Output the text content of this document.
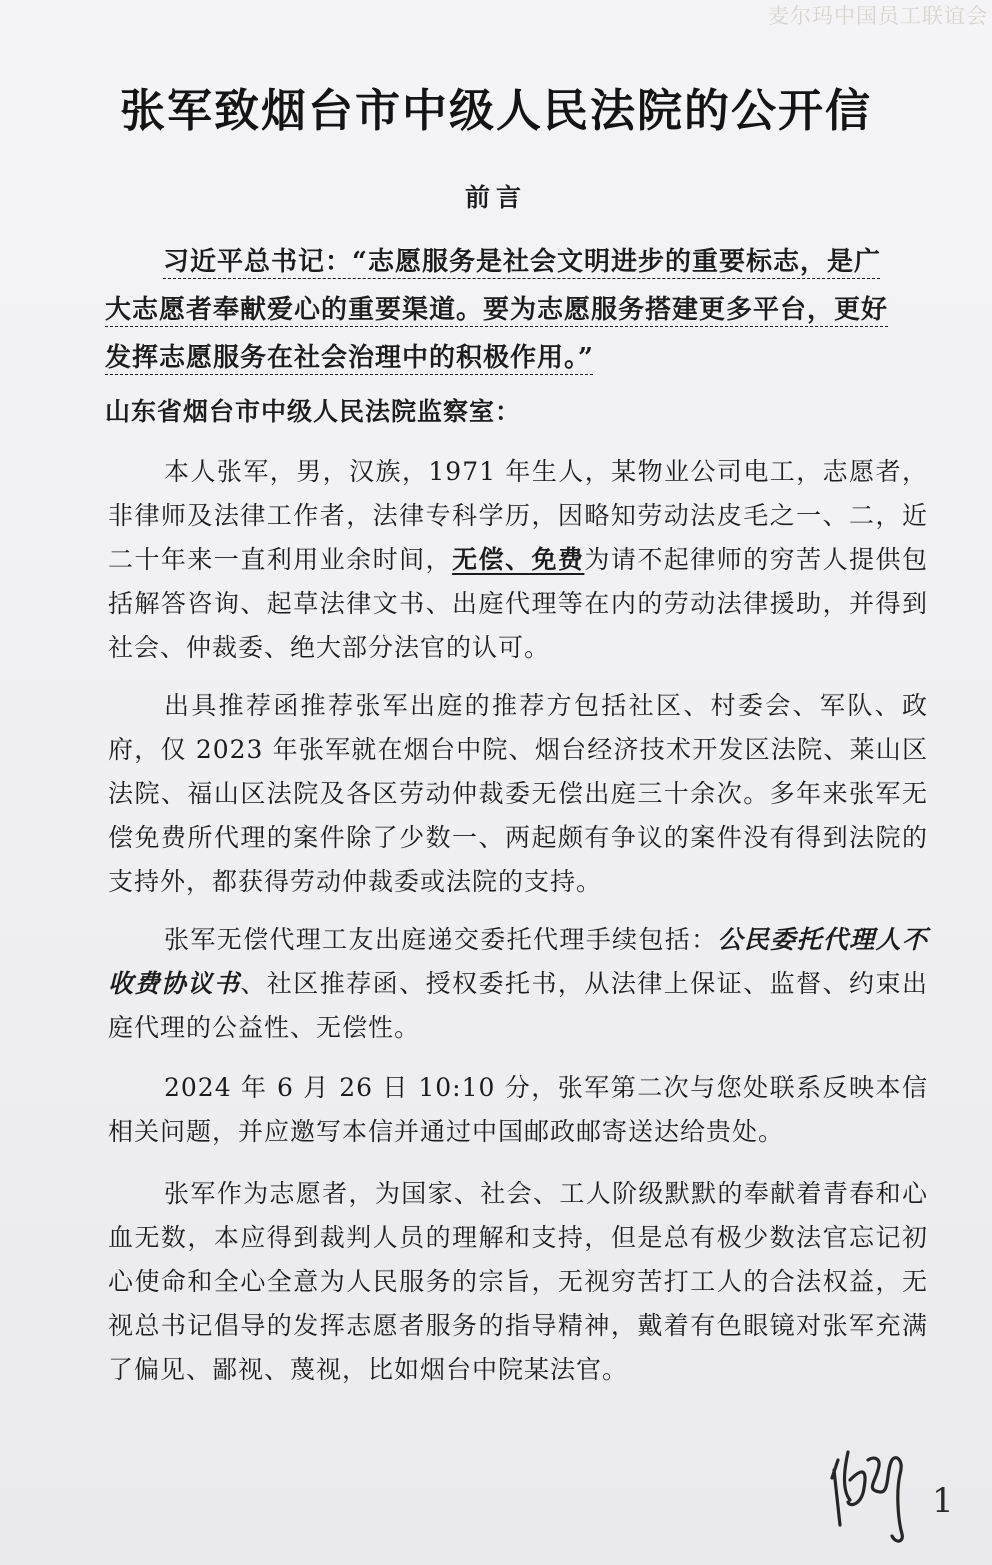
麦尔玛中国员工联谊会
张军致烟台市中级人民法院的公开信
前言
习近平总书记：“志愿服务是社会文明进步的重要标志，是广
大志愿者奉献爱心的重要渠道。要为志愿服务搭建更多平台，更好
发挥志愿服务在社会治理中的积极作用。”
山东省烟台市中级人民法院监察室：

本人张军，男，汉族，1971 年生人，某物业公司电工，志愿者，非律师及法律工作者，法律专科学历，因略知劳动法皮毛之一、二，近二十年来一直利用业余时间，无偿、免费为请不起律师的穷苦人提供包括解答咨询、起草法律文书、出庭代理等在内的劳动法律援助，并得到社会、仲裁委、绝大部分法官的认可。

出具推荐函推荐张军出庭的推荐方包括社区、村委会、军队、政府，仅 2023 年张军就在烟台中院、烟台经济技术开发区法院、莱山区法院、福山区法院及各区劳动仲裁委无偿出庭三十余次。多年来张军无偿免费所代理的案件除了少数一、两起颇有争议的案件没有得到法院的支持外，都获得劳动仲裁委或法院的支持。

张军无偿代理工友出庭递交委托代理手续包括：公民委托代理人不收费协议书、社区推荐函、授权委托书，从法律上保证、监督、约束出庭代理的公益性、无偿性。

2024 年 6 月 26 日 10:10 分，张军第二次与您处联系反映本信相关问题，并应邀写本信并通过中国邮政邮寄送达给贵处。

张军作为志愿者，为国家、社会、工人阶级默默的奉献着青春和心血无数，本应得到裁判人员的理解和支持，但是总有极少数法官忘记初心使命和全心全意为人民服务的宗旨，无视穷苦打工人的合法权益，无视总书记倡导的发挥志愿者服务的指导精神，戴着有色眼镜对张军充满了偏见、鄙视、蔑视，比如烟台中院某法官。

1
